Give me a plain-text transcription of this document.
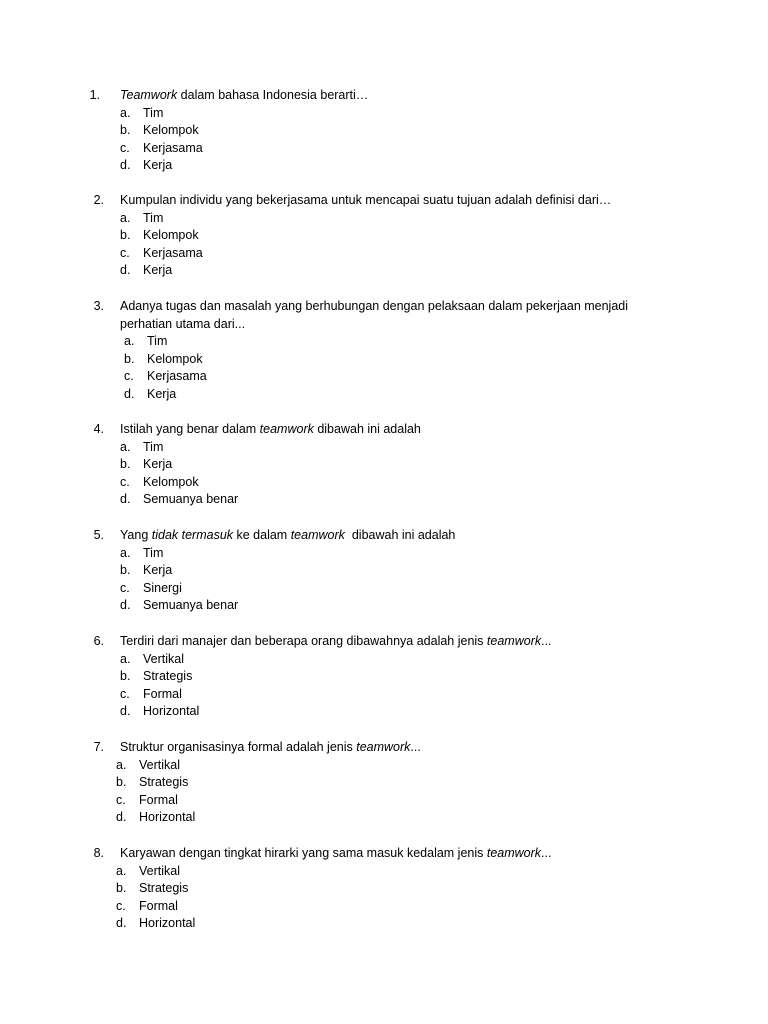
1. Teamwork dalam bahasa Indonesia berarti…
a. Tim
b. Kelompok
c.	Kerjasama
d. Kerja
2. Kumpulan individu yang bekerjasama untuk mencapai suatu tujuan adalah definisi dari…
a. Tim
b. Kelompok
c.	Kerjasama
d. Kerja
3. Adanya tugas dan masalah yang berhubungan dengan pelaksaan dalam pekerjaan menjadi
perhatian utama dari...
a. Tim
b. Kelompok
c.	Kerjasama
d. Kerja
4. Istilah yang benar dalam teamwork dibawah ini adalah
a. Tim
b. Kerja
c.	Kelompok
d. Semuanya benar
5. Yang tidak termasuk ke dalam teamwork  dibawah ini adalah
a. Tim
b. Kerja
c.	Sinergi
d. Semuanya benar
6. Terdiri dari manajer dan beberapa orang dibawahnya adalah jenis teamwork...
a. Vertikal
b. Strategis
c.	Formal
d. Horizontal
7. Struktur organisasinya formal adalah jenis teamwork...
a. Vertikal
b. Strategis
c.	Formal
d. Horizontal
8. Karyawan dengan tingkat hirarki yang sama masuk kedalam jenis teamwork...
a. Vertikal
b. Strategis
c.	Formal
d. Horizontal
